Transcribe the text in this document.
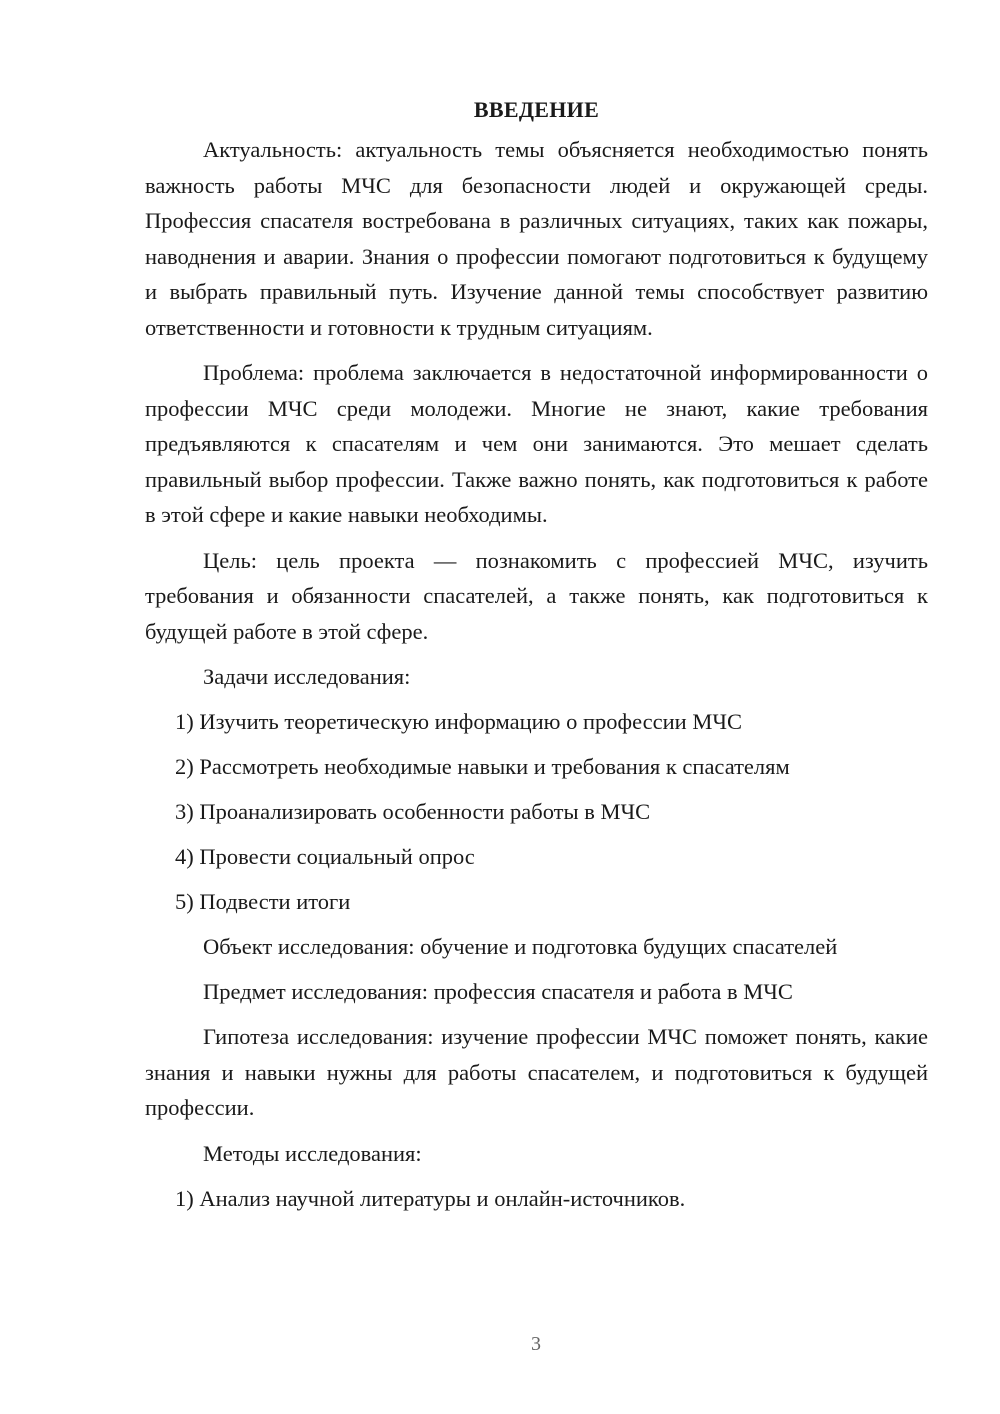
ВВЕДЕНИЕ

Актуальность: актуальность темы объясняется необходимостью понять важность работы МЧС для безопасности людей и окружающей среды. Профессия спасателя востребована в различных ситуациях, таких как пожары, наводнения и аварии. Знания о профессии помогают подготовиться к будущему и выбрать правильный путь. Изучение данной темы способствует развитию ответственности и готовности к трудным ситуациям.

Проблема: проблема заключается в недостаточной информированности о профессии МЧС среди молодежи. Многие не знают, какие требования предъявляются к спасателям и чем они занимаются. Это мешает сделать правильный выбор профессии. Также важно понять, как подготовиться к работе в этой сфере и какие навыки необходимы.

Цель: цель проекта — познакомить с профессией МЧС, изучить требования и обязанности спасателей, а также понять, как подготовиться к будущей работе в этой сфере.

Задачи исследования:
1) Изучить теоретическую информацию о профессии МЧС
2) Рассмотреть необходимые навыки и требования к спасателям
3) Проанализировать особенности работы в МЧС
4) Провести социальный опрос
5) Подвести итоги
Объект исследования: обучение и подготовка будущих спасателей
Предмет исследования: профессия спасателя и работа в МЧС

Гипотеза исследования: изучение профессии МЧС поможет понять, какие знания и навыки нужны для работы спасателем, и подготовиться к будущей профессии.

Методы исследования:
1) Анализ научной литературы и онлайн-источников.
3
